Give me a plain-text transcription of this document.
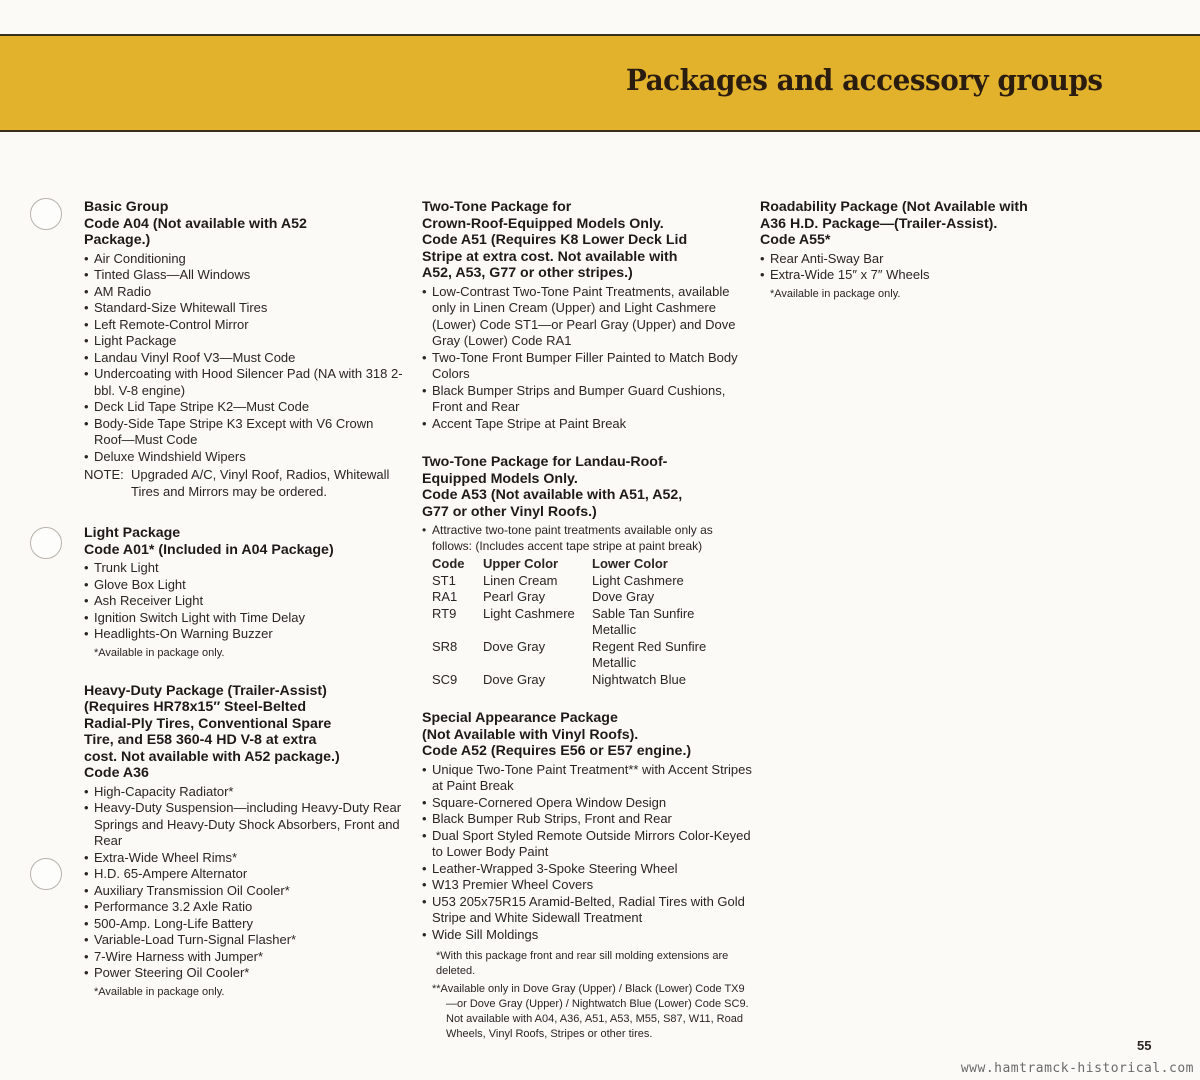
Packages and accessory groups
Basic Group
Code A04 (Not available with A52
Package.)
• Air Conditioning
• Tinted Glass—All Windows
• AM Radio
• Standard-Size Whitewall Tires
• Left Remote-Control Mirror
• Light Package
• Landau Vinyl Roof V3—Must Code
• Undercoating with Hood Silencer Pad (NA with 318 2-bbl. V-8 engine)
• Deck Lid Tape Stripe K2—Must Code
• Body-Side Tape Stripe K3 Except with V6 Crown Roof—Must Code
• Deluxe Windshield Wipers
NOTE: Upgraded A/C, Vinyl Roof, Radios, Whitewall Tires and Mirrors may be ordered.
Light Package
Code A01* (Included in A04 Package)
• Trunk Light
• Glove Box Light
• Ash Receiver Light
• Ignition Switch Light with Time Delay
• Headlights-On Warning Buzzer
*Available in package only.
Heavy-Duty Package (Trailer-Assist)
(Requires HR78x15″ Steel-Belted
Radial-Ply Tires, Conventional Spare
Tire, and E58 360-4 HD V-8 at extra
cost. Not available with A52 package.)
Code A36
• High-Capacity Radiator*
• Heavy-Duty Suspension—including Heavy-Duty Rear Springs and Heavy-Duty Shock Absorbers, Front and Rear
• Extra-Wide Wheel Rims*
• H.D. 65-Ampere Alternator
• Auxiliary Transmission Oil Cooler*
• Performance 3.2 Axle Ratio
• 500-Amp. Long-Life Battery
• Variable-Load Turn-Signal Flasher*
• 7-Wire Harness with Jumper*
• Power Steering Oil Cooler*
*Available in package only.
Two-Tone Package for
Crown-Roof-Equipped Models Only.
Code A51 (Requires K8 Lower Deck Lid
Stripe at extra cost. Not available with
A52, A53, G77 or other stripes.)
• Low-Contrast Two-Tone Paint Treatments, available only in Linen Cream (Upper) and Light Cashmere (Lower) Code ST1—or Pearl Gray (Upper) and Dove Gray (Lower) Code RA1
• Two-Tone Front Bumper Filler Painted to Match Body Colors
• Black Bumper Strips and Bumper Guard Cushions, Front and Rear
• Accent Tape Stripe at Paint Break
Two-Tone Package for Landau-Roof-
Equipped Models Only.
Code A53 (Not available with A51, A52,
G77 or other Vinyl Roofs.)
• Attractive two-tone paint treatments available only as follows: (Includes accent tape stripe at paint break)
Code	Upper Color	Lower Color
ST1	Linen Cream	Light Cashmere
RA1	Pearl Gray	Dove Gray
RT9	Light Cashmere	Sable Tan Sunfire
Metallic
SR8	Dove Gray	Regent Red Sunfire
Metallic
SC9	Dove Gray	Nightwatch Blue
Special Appearance Package
(Not Available with Vinyl Roofs).
Code A52 (Requires E56 or E57 engine.)
• Unique Two-Tone Paint Treatment** with Accent Stripes at Paint Break
• Square-Cornered Opera Window Design
• Black Bumper Rub Strips, Front and Rear
• Dual Sport Styled Remote Outside Mirrors Color-Keyed to Lower Body Paint
• Leather-Wrapped 3-Spoke Steering Wheel
• W13 Premier Wheel Covers
• U53 205x75R15 Aramid-Belted, Radial Tires with Gold Stripe and White Sidewall Treatment
• Wide Sill Moldings
*With this package front and rear sill molding extensions are deleted.
**Available only in Dove Gray (Upper) / Black (Lower) Code TX9—or Dove Gray (Upper) / Nightwatch Blue (Lower) Code SC9. Not available with A04, A36, A51, A53, M55, S87, W11, Road Wheels, Vinyl Roofs, Stripes or other tires.
Roadability Package (Not Available with
A36 H.D. Package—(Trailer-Assist).
Code A55*
• Rear Anti-Sway Bar
• Extra-Wide 15″ x 7″ Wheels
*Available in package only.
55
www.hamtramck-historical.com
